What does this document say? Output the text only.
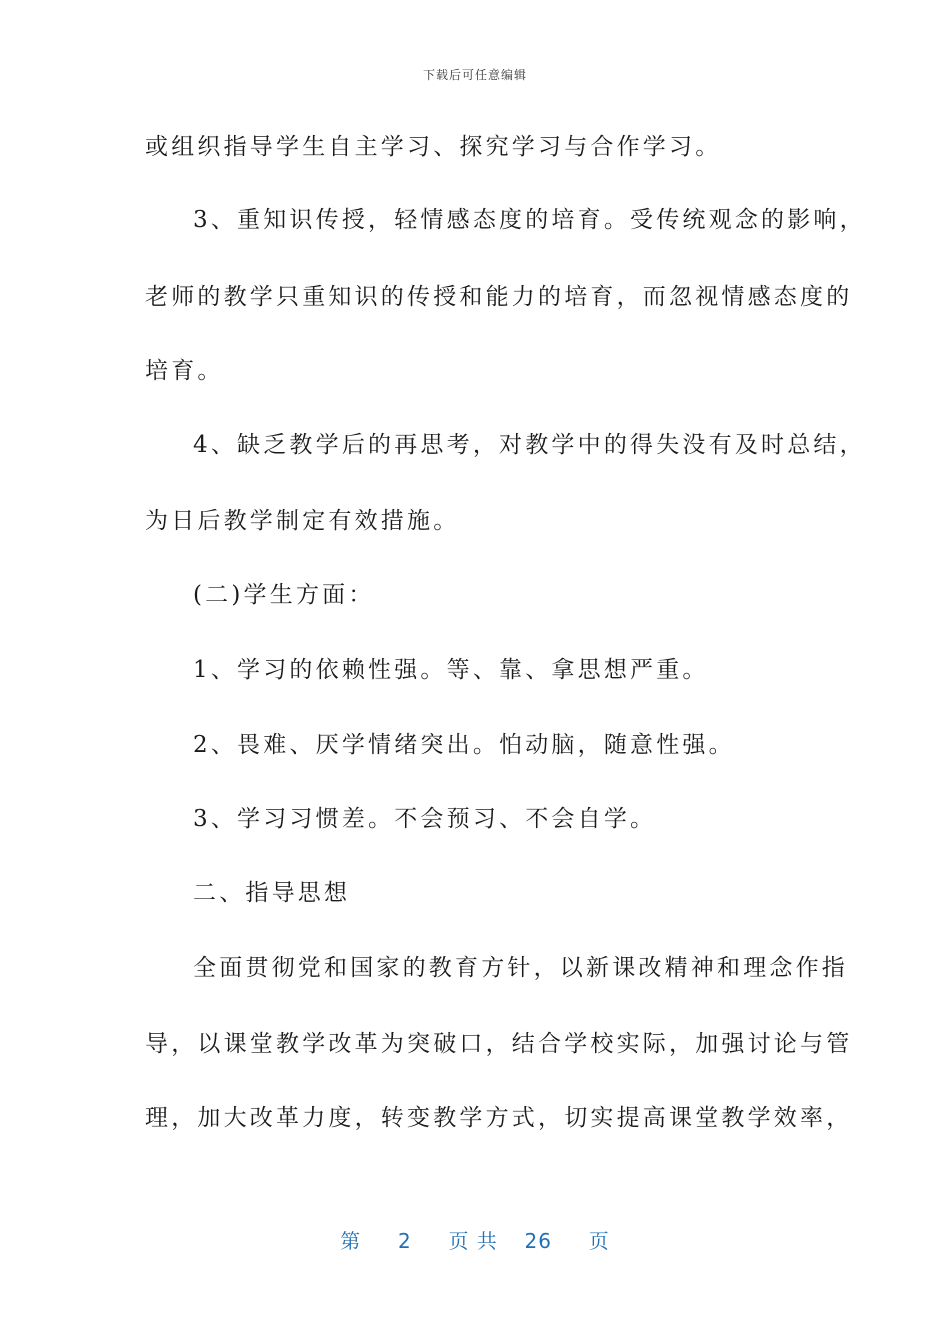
下载后可任意编辑
或组织指导学生自主学习、探究学习与合作学习。
3、重知识传授，轻情感态度的培育。受传统观念的影响，
老师的教学只重知识的传授和能力的培育，而忽视情感态度的
培育。
4、缺乏教学后的再思考，对教学中的得失没有及时总结，
为日后教学制定有效措施。
(二)学生方面：
1、学习的依赖性强。等、靠、拿思想严重。
2、畏难、厌学情绪突出。怕动脑，随意性强。
3、学习习惯差。不会预习、不会自学。
二、指导思想
全面贯彻党和国家的教育方针，以新课改精神和理念作指
导，以课堂教学改革为突破口，结合学校实际，加强讨论与管
理，加大改革力度，转变教学方式，切实提高课堂教学效率，
第 2 页 共 26 页
